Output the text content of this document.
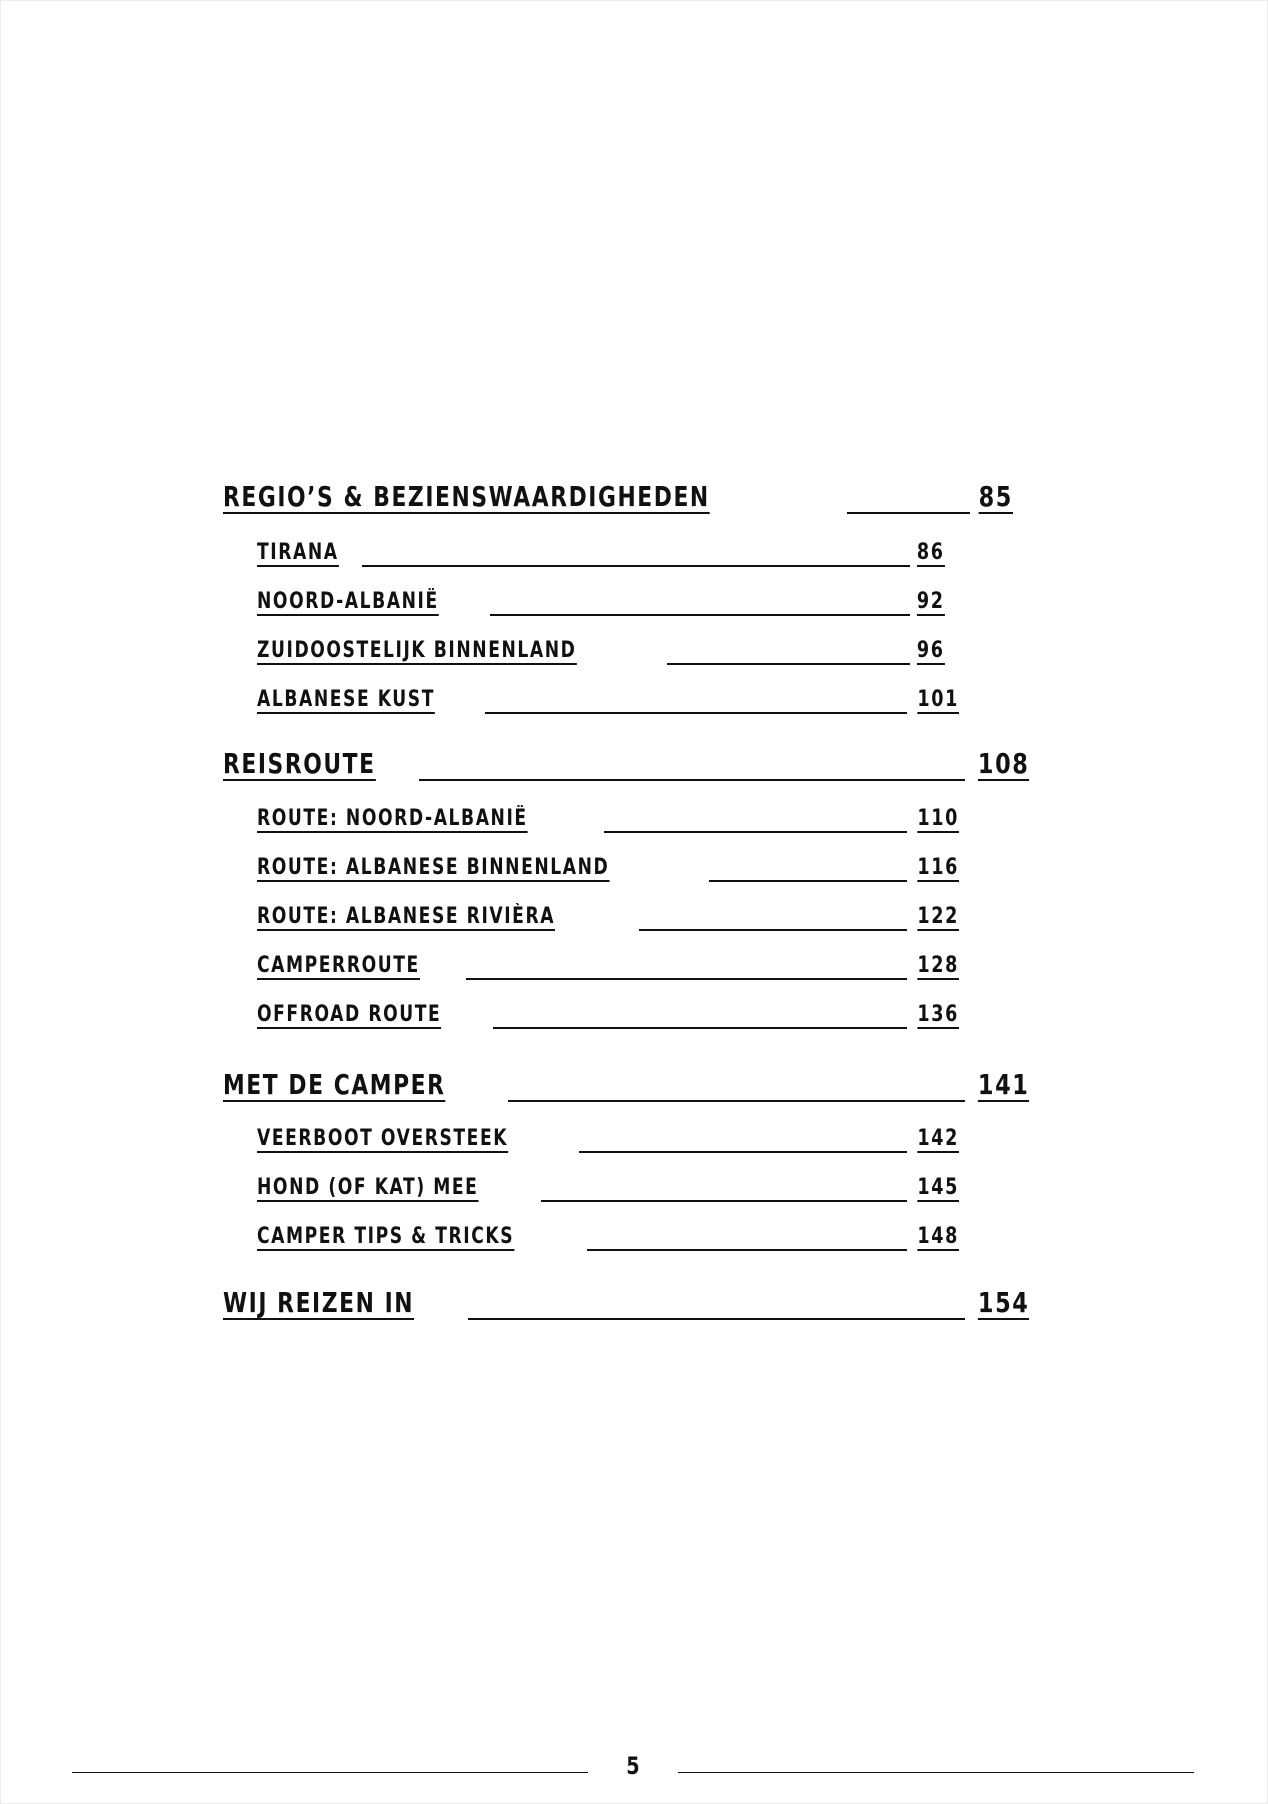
REGIO’S & BEZIENSWAARDIGHEDEN	85
TIRANA	86
NOORD-ALBANIË	92
ZUIDOOSTELIJK BINNENLAND	96
ALBANESE KUST	101
REISROUTE	108
ROUTE: NOORD-ALBANIË	110
ROUTE: ALBANESE BINNENLAND	116
ROUTE: ALBANESE RIVIÈRA	122
CAMPERROUTE	128
OFFROAD ROUTE	136
MET DE CAMPER	141
VEERBOOT OVERSTEEK	142
HOND (OF KAT) MEE	145
CAMPER TIPS & TRICKS	148
WIJ REIZEN IN	154
5
